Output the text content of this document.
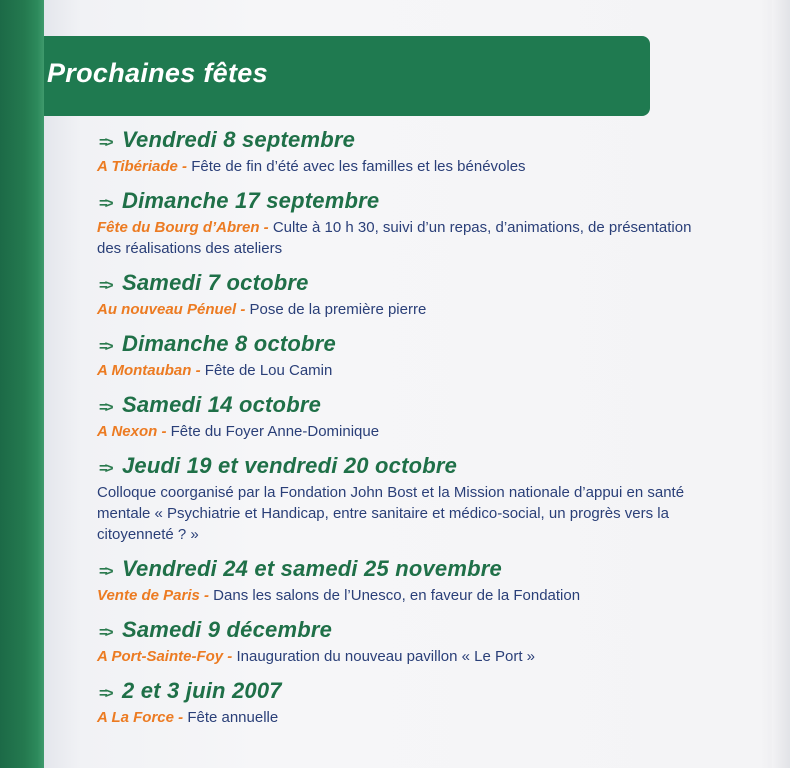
Prochaines fêtes
=> Vendredi 8 septembre

A Tibériade - Fête de fin d’été avec les familles et les bénévoles

=> Dimanche 17 septembre

Fête du Bourg d’Abren - Culte à 10 h 30, suivi d’un repas, d’animations, de présentation des réalisations des ateliers

=> Samedi 7 octobre

Au nouveau Pénuel - Pose de la première pierre

=> Dimanche 8 octobre

A Montauban - Fête de Lou Camin

=> Samedi 14 octobre

A Nexon - Fête du Foyer Anne-Dominique

=> Jeudi 19 et vendredi 20 octobre

Colloque coorganisé par la Fondation John Bost et la Mission nationale d’appui en santé mentale « Psychiatrie et Handicap, entre sanitaire et médico-social, un progrès vers la citoyenneté ? »

=> Vendredi 24 et samedi 25 novembre

Vente de Paris - Dans les salons de l’Unesco, en faveur de la Fondation

=> Samedi 9 décembre

A Port-Sainte-Foy - Inauguration du nouveau pavillon « Le Port »

=> 2 et 3 juin 2007

A La Force - Fête annuelle
